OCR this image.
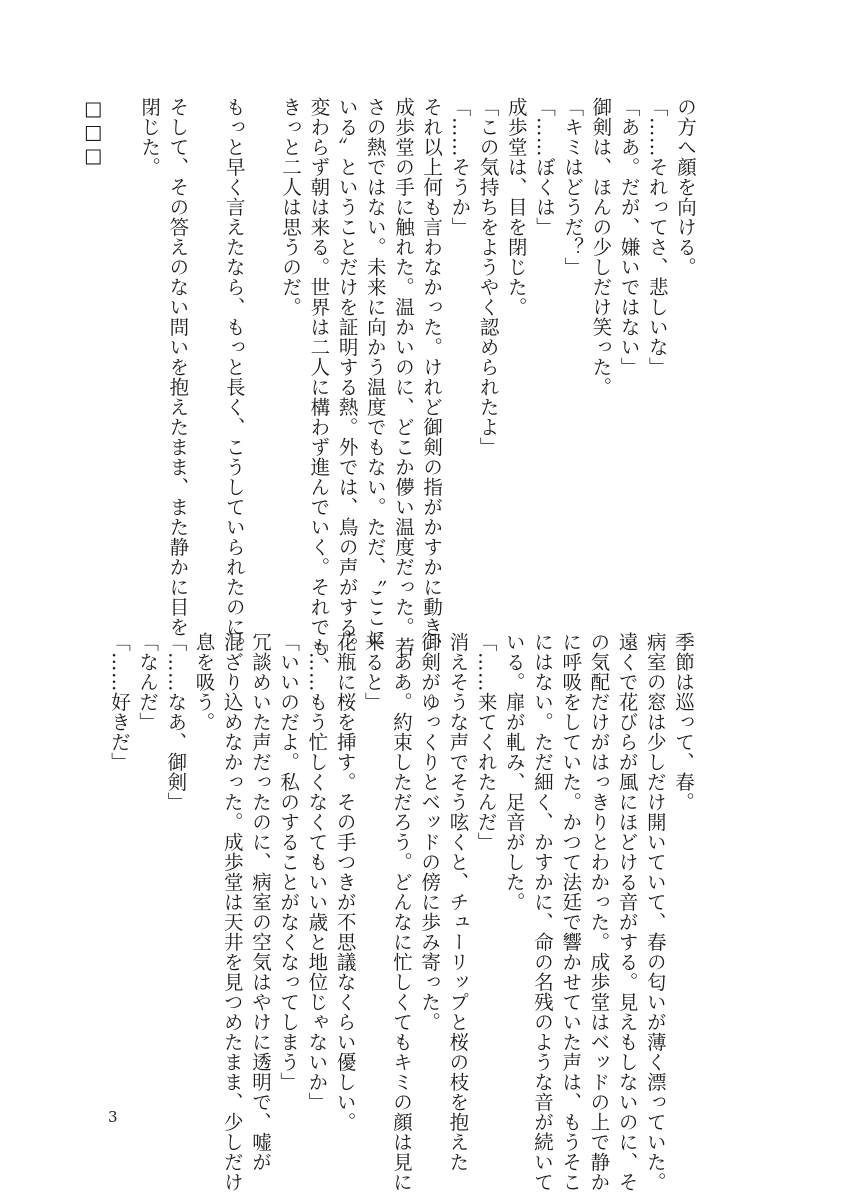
の方へ顔を向ける。

「……それってさ、悲しいな」

「ああ。だが、嫌いではない」

御剣は、ほんの少しだけ笑った。

「キミはどうだ？」

「……ぼくは」

成歩堂は、目を閉じた。

「この気持ちをようやく認められたよ」

「……そうか」

それ以上何も言わなかった。けれど御剣の指がかすかに動き、

成歩堂の手に触れた。温かいのに、どこか儚い温度だった。若

さの熱ではない。未来に向かう温度でもない。ただ、〝ここに

いる〟ということだけを証明する熱。外では、鳥の声がする。

変わらず朝は来る。世界は二人に構わず進んでいく。それでも、

きっと二人は思うのだ。

もっと早く言えたなら、もっと長く、こうしていられたのに。

そして、その答えのない問いを抱えたまま、また静かに目を

閉じた。

□□□

季節は巡って、春。

病室の窓は少しだけ開いていて、春の匂いが薄く漂っていた。

遠くで花びらが風にほどける音がする。見えもしないのに、そ

の気配だけがはっきりとわかった。成歩堂はベッドの上で静か

に呼吸をしていた。かつて法廷で響かせていた声は、もうそこ

にはない。ただ細く、かすかに、命の名残のような音が続いて

いる。扉が軋み、足音がした。

「……来てくれたんだ」

消えそうな声でそう呟くと、チューリップと桜の枝を抱えた

御剣がゆっくりとベッドの傍に歩み寄った。

「ああ。約束しただろう。どんなに忙しくてもキミの顔は見に

来ると」

花瓶に桜を挿す。その手つきが不思議なくらい優しい。

「……もう忙しくなくてもいい歳と地位じゃないか」

「いいのだよ。私のすることがなくなってしまう」

冗談めいた声だったのに、病室の空気はやけに透明で、嘘が

混ざり込めなかった。成歩堂は天井を見つめたまま、少しだけ

息を吸う。

「……なあ、御剣」

「なんだ」

「……好きだ」

3
